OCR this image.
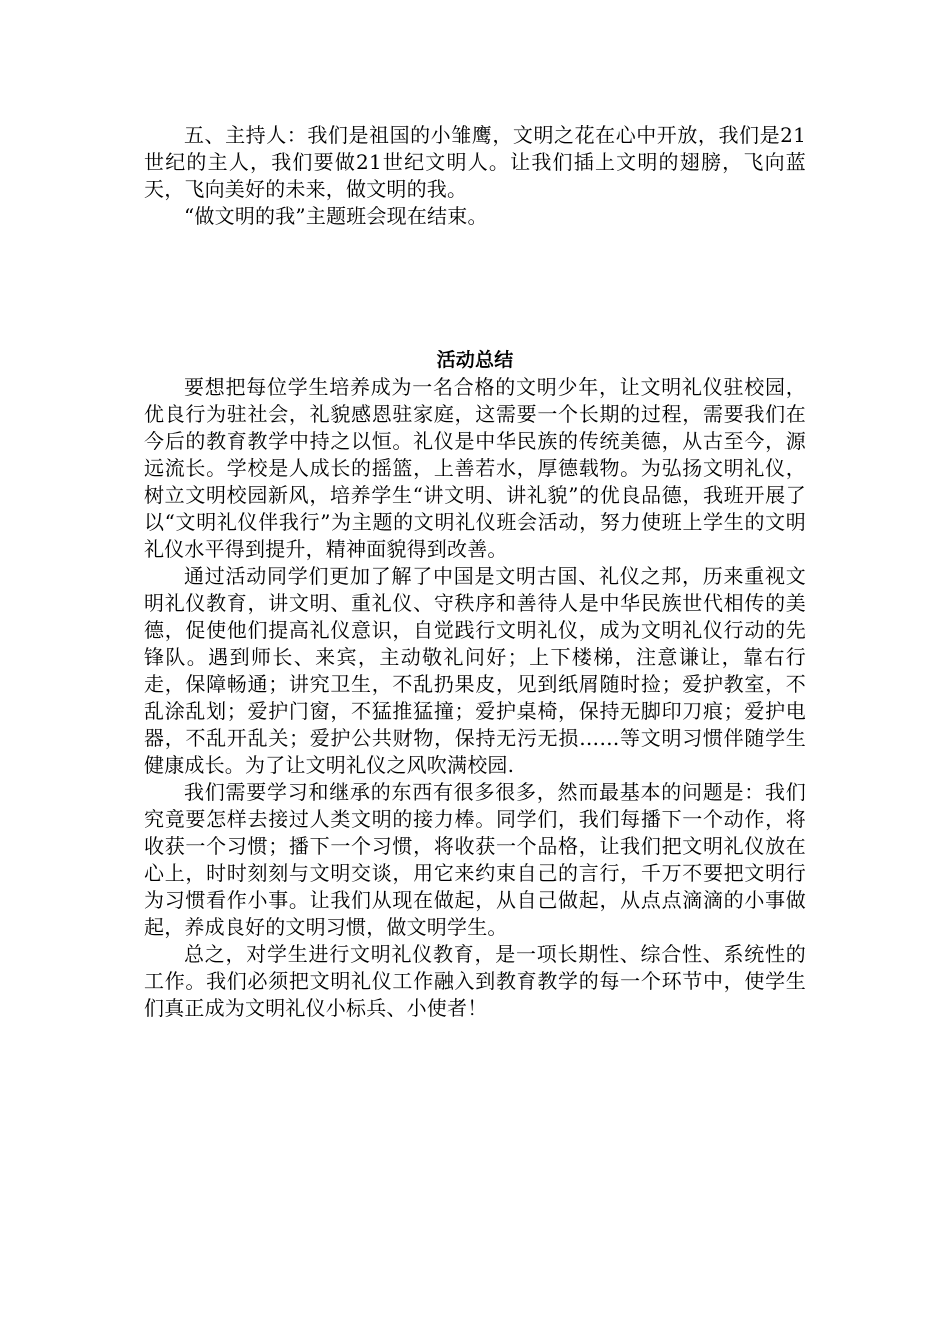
五、主持人：我们是祖国的小雏鹰，文明之花在心中开放，我们是21世纪的主人，我们要做21世纪文明人。让我们插上文明的翅膀，飞向蓝天，飞向美好的未来，做文明的我。

“做文明的我”主题班会现在结束。

活动总结

要想把每位学生培养成为一名合格的文明少年，让文明礼仪驻校园，优良行为驻社会，礼貌感恩驻家庭，这需要一个长期的过程，需要我们在今后的教育教学中持之以恒。礼仪是中华民族的传统美德，从古至今，源远流长。学校是人成长的摇篮，上善若水，厚德载物。为弘扬文明礼仪，树立文明校园新风，培养学生“讲文明、讲礼貌”的优良品德，我班开展了以“文明礼仪伴我行”为主题的文明礼仪班会活动，努力使班上学生的文明礼仪水平得到提升，精神面貌得到改善。

通过活动同学们更加了解了中国是文明古国、礼仪之邦，历来重视文明礼仪教育，讲文明、重礼仪、守秩序和善待人是中华民族世代相传的美德，促使他们提高礼仪意识，自觉践行文明礼仪，成为文明礼仪行动的先锋队。遇到师长、来宾，主动敬礼问好；上下楼梯，注意谦让，靠右行走，保障畅通；讲究卫生，不乱扔果皮，见到纸屑随时捡；爱护教室，不乱涂乱划；爱护门窗，不猛推猛撞；爱护桌椅，保持无脚印刀痕；爱护电器，不乱开乱关；爱护公共财物，保持无污无损……等文明习惯伴随学生健康成长。为了让文明礼仪之风吹满校园.

我们需要学习和继承的东西有很多很多，然而最基本的问题是：我们究竟要怎样去接过人类文明的接力棒。同学们，我们每播下一个动作，将收获一个习惯；播下一个习惯，将收获一个品格，让我们把文明礼仪放在心上，时时刻刻与文明交谈，用它来约束自己的言行，千万不要把文明行为习惯看作小事。让我们从现在做起，从自己做起，从点点滴滴的小事做起，养成良好的文明习惯，做文明学生。

总之，对学生进行文明礼仪教育，是一项长期性、综合性、系统性的工作。我们必须把文明礼仪工作融入到教育教学的每一个环节中，使学生们真正成为文明礼仪小标兵、小使者！
